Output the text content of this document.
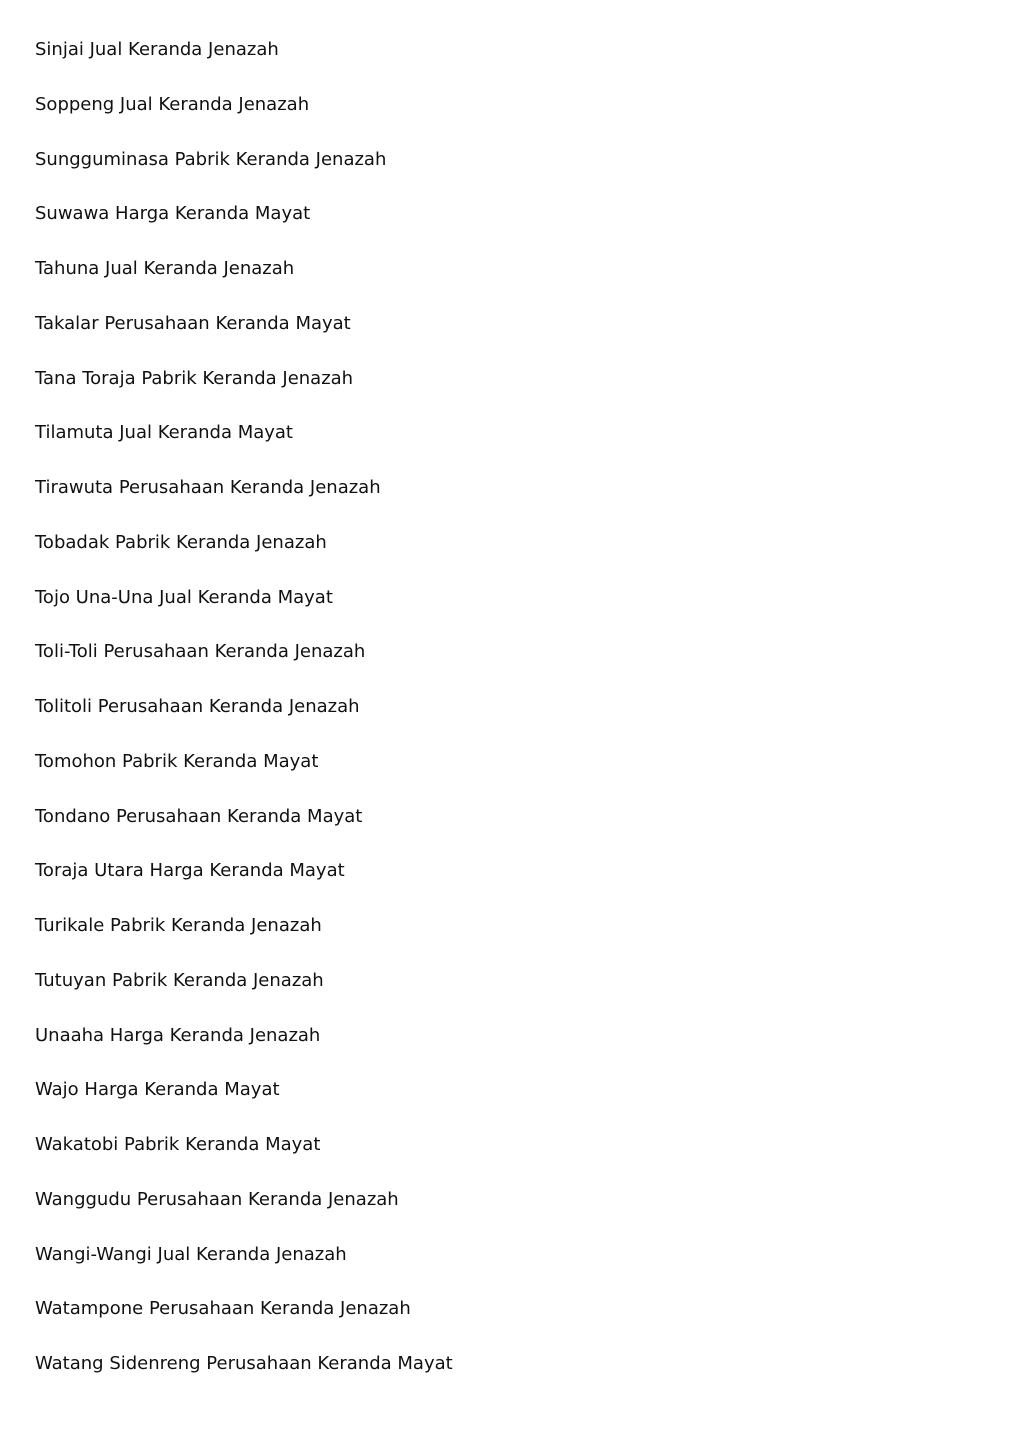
Sinjai Jual Keranda Jenazah
Soppeng Jual Keranda Jenazah
Sungguminasa Pabrik Keranda Jenazah
Suwawa Harga Keranda Mayat
Tahuna Jual Keranda Jenazah
Takalar Perusahaan Keranda Mayat
Tana Toraja Pabrik Keranda Jenazah
Tilamuta Jual Keranda Mayat
Tirawuta Perusahaan Keranda Jenazah
Tobadak Pabrik Keranda Jenazah
Tojo Una-Una Jual Keranda Mayat
Toli-Toli Perusahaan Keranda Jenazah
Tolitoli Perusahaan Keranda Jenazah
Tomohon Pabrik Keranda Mayat
Tondano Perusahaan Keranda Mayat
Toraja Utara Harga Keranda Mayat
Turikale Pabrik Keranda Jenazah
Tutuyan Pabrik Keranda Jenazah
Unaaha Harga Keranda Jenazah
Wajo Harga Keranda Mayat
Wakatobi Pabrik Keranda Mayat
Wanggudu Perusahaan Keranda Jenazah
Wangi-Wangi Jual Keranda Jenazah
Watampone Perusahaan Keranda Jenazah
Watang Sidenreng Perusahaan Keranda Mayat
